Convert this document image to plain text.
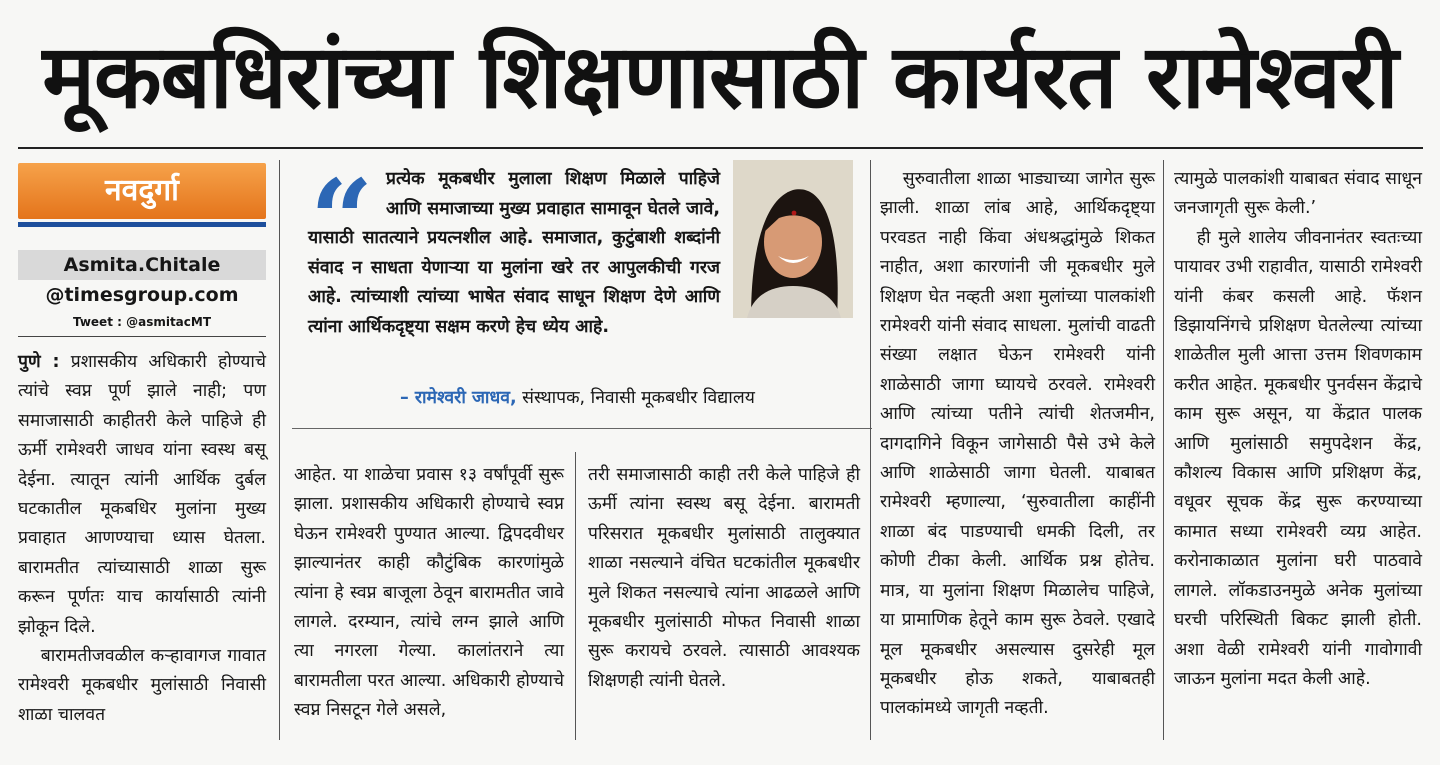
मूकबधिरांच्या शिक्षणासाठी कार्यरत रामेश्वरी
नवदुर्गा
Asmita.Chitale
@timesgroup.com
Tweet : @asmitacMT

पुणे : प्रशासकीय अधिकारी होण्याचे त्यांचे स्वप्न पूर्ण झाले नाही; पण समाजासाठी काहीतरी केले पाहिजे ही ऊर्मी रामेश्वरी जाधव यांना स्वस्थ बसू देईना. त्यातून त्यांनी आर्थिक दुर्बल घटकातील मूकबधिर मुलांना मुख्य प्रवाहात आणण्याचा ध्यास घेतला. बारामतीत त्यांच्यासाठी शाळा सुरू करून पूर्णतः याच कार्यासाठी त्यांनी झोकून दिले.

बारामतीजवळील कऱ्हावागज गावात रामेश्वरी मूकबधीर मुलांसाठी निवासी शाळा चालवत

“ प्रत्येक मूकबधीर मुलाला शिक्षण मिळाले पाहिजे आणि समाजाच्या मुख्य प्रवाहात सामावून घेतले जावे, यासाठी सातत्याने प्रयत्नशील आहे. समाजात, कुटुंबाशी शब्दांनी संवाद न साधता येणाऱ्या या मुलांना खरे तर आपुलकीची गरज आहे. त्यांच्याशी त्यांच्या भाषेत संवाद साधून शिक्षण देणे आणि त्यांना आर्थिकदृष्ट्या सक्षम करणे हेच ध्येय आहे.
– रामेश्वरी जाधव, संस्थापक, निवासी मूकबधीर विद्यालय

आहेत. या शाळेचा प्रवास १३ वर्षांपूर्वी सुरू झाला. प्रशासकीय अधिकारी होण्याचे स्वप्न घेऊन रामेश्वरी पुण्यात आल्या. द्विपदवीधर झाल्यानंतर काही कौटुंबिक कारणांमुळे त्यांना हे स्वप्न बाजूला ठेवून बारामतीत जावे लागले. दरम्यान, त्यांचे लग्न झाले आणि त्या नगरला गेल्या. कालांतराने त्या बारामतीला परत आल्या. अधिकारी होण्याचे स्वप्न निसटून गेले असले,

तरी समाजासाठी काही तरी केले पाहिजे ही ऊर्मी त्यांना स्वस्थ बसू देईना. बारामती परिसरात मूकबधीर मुलांसाठी तालुक्यात शाळा नसल्याने वंचित घटकांतील मूकबधीर मुले शिकत नसल्याचे त्यांना आढळले आणि मूकबधीर मुलांसाठी मोफत निवासी शाळा सुरू करायचे ठरवले. त्यासाठी आवश्यक शिक्षणही त्यांनी घेतले.

सुरुवातीला शाळा भाड्याच्या जागेत सुरू झाली. शाळा लांब आहे, आर्थिकदृष्ट्या परवडत नाही किंवा अंधश्रद्धांमुळे शिकत नाहीत, अशा कारणांनी जी मूकबधीर मुले शिक्षण घेत नव्हती अशा मुलांच्या पालकांशी रामेश्वरी यांनी संवाद साधला. मुलांची वाढती संख्या लक्षात घेऊन रामेश्वरी यांनी शाळेसाठी जागा घ्यायचे ठरवले. रामेश्वरी आणि त्यांच्या पतीने त्यांची शेतजमीन, दागदागिने विकून जागेसाठी पैसे उभे केले आणि शाळेसाठी जागा घेतली. याबाबत रामेश्वरी म्हणाल्या, ‘सुरुवातीला काहींनी शाळा बंद पाडण्याची धमकी दिली, तर कोणी टीका केली. आर्थिक प्रश्न होतेच. मात्र, या मुलांना शिक्षण मिळालेच पाहिजे, या प्रामाणिक हेतूने काम सुरू ठेवले. एखादे मूल मूकबधीर असल्यास दुसरेही मूल मूकबधीर होऊ शकते, याबाबतही पालकांमध्ये जागृती नव्हती.

त्यामुळे पालकांशी याबाबत संवाद साधून जनजागृती सुरू केली.’

ही मुले शालेय जीवनानंतर स्वतःच्या पायावर उभी राहावीत, यासाठी रामेश्वरी यांनी कंबर कसली आहे. फॅशन डिझायनिंगचे प्रशिक्षण घेतलेल्या त्यांच्या शाळेतील मुली आत्ता उत्तम शिवणकाम करीत आहेत. मूकबधीर पुनर्वसन केंद्राचे काम सुरू असून, या केंद्रात पालक आणि मुलांसाठी समुपदेशन केंद्र, कौशल्य विकास आणि प्रशिक्षण केंद्र, वधूवर सूचक केंद्र सुरू करण्याच्या कामात सध्या रामेश्वरी व्यग्र आहेत. करोनाकाळात मुलांना घरी पाठवावे लागले. लॉकडाउनमुळे अनेक मुलांच्या घरची परिस्थिती बिकट झाली होती. अशा वेळी रामेश्वरी यांनी गावोगावी जाऊन मुलांना मदत केली आहे.
